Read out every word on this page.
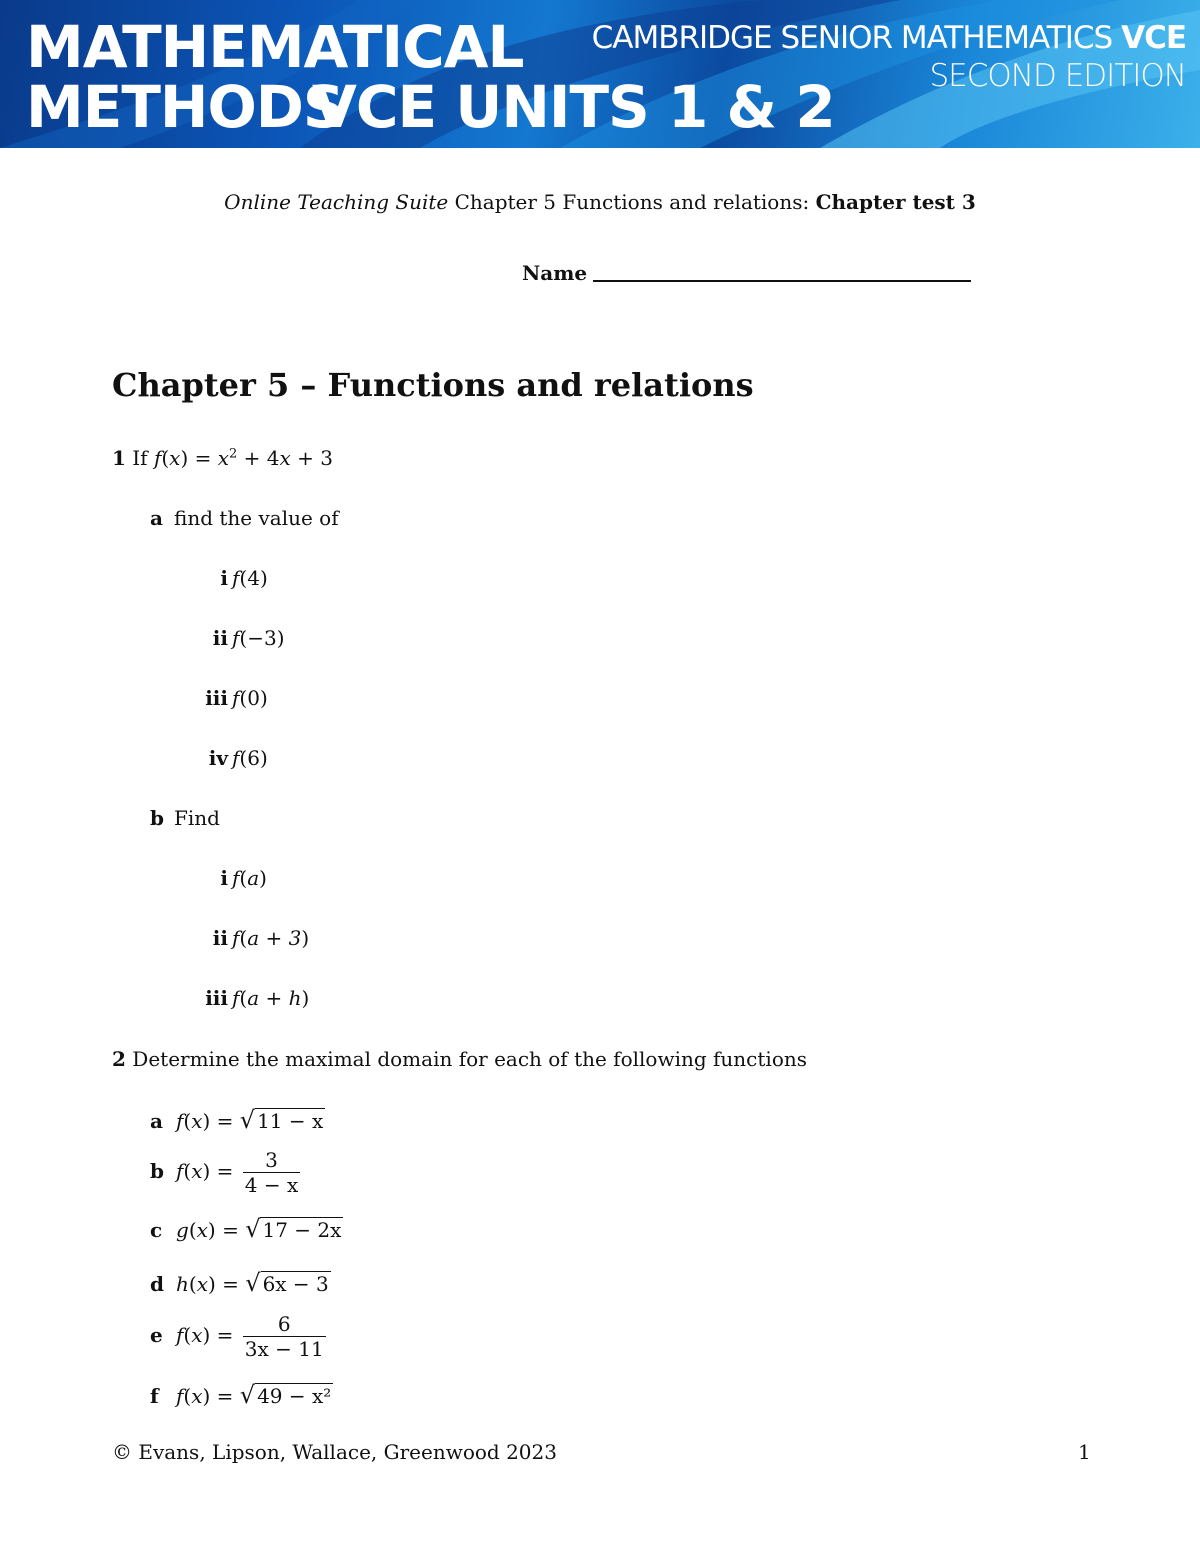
MATHEMATICAL
METHODS
VCE UNITS 1 & 2
CAMBRIDGE SENIOR MATHEMATICS VCE
SECOND EDITION
Online Teaching Suite Chapter 5 Functions and relations: Chapter test 3
Name
Chapter 5 – Functions and relations
1 If $f(x) = x^2 + 4x + 3$
a find the value of
i f(4)
ii f(−3)
iii f(0)
iv f(6)
b Find
i f(a)
ii f(a + 3)
iii f(a + h)
2 Determine the maximal domain for each of the following functions
a f(x) = √ 11 − x
b $f(x) = \frac{3}{4 - x}$
c g(x) = √ 17 − 2x
d h(x) = √ 6x − 3
e $f(x) = \frac{6}{3x - 11}$
f f(x) = √ 49 − x²
© Evans, Lipson, Wallace, Greenwood 2023	1
